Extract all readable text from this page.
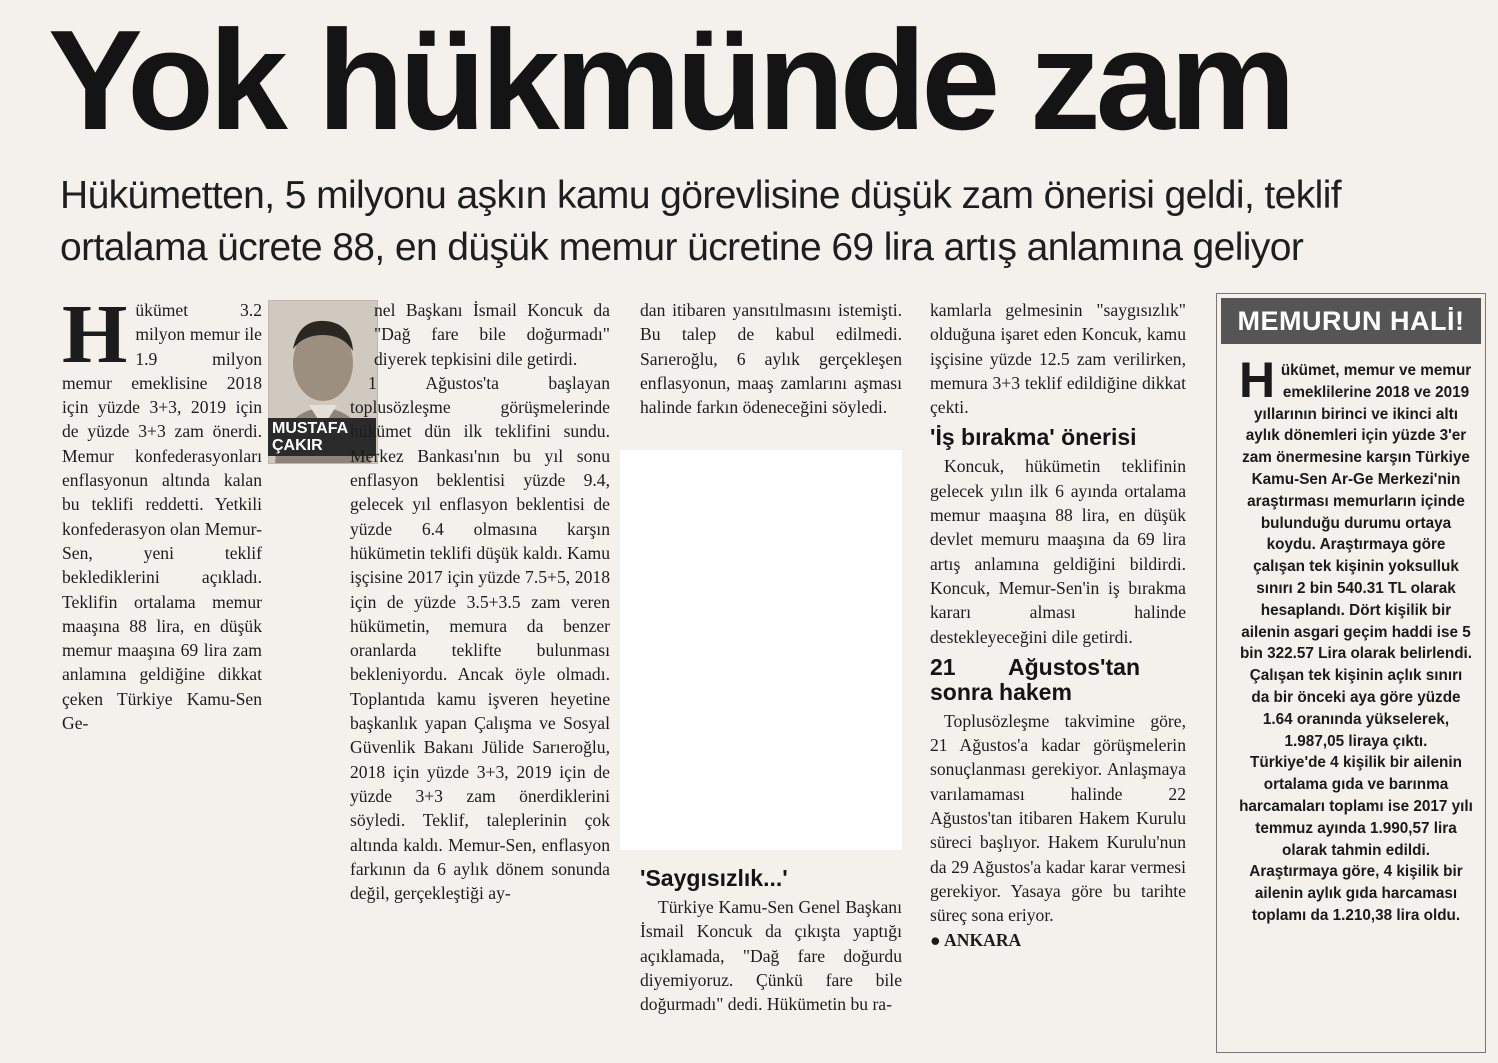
Yok hükmünde zam

Hükümetten, 5 milyonu aşkın kamu görevlisine düşük zam önerisi geldi, teklif ortalama ücrete 88, en düşük memur ücretine 69 lira artış anlamına geliyor

Hükümet 3.2 milyon memur ile 1.9 milyon memur emeklisine 2018 için yüzde 3+3, 2019 için de yüzde 3+3 zam önerdi. Memur konfederasyonları enflasyonun altında kalan bu teklifi reddetti. Yetkili konfederasyon olan Memur-Sen, yeni teklif beklediklerini açıkladı. Teklifin ortalama memur maaşına 88 lira, en düşük memur maaşına 69 lira zam anlamına geldiğine dikkat çeken Türkiye Kamu-Sen Ge-

MUSTAFA ÇAKIR

nel Başkanı İsmail Koncuk da "Dağ fare bile doğurmadı" diyerek tepkisini dile getirdi.

1 Ağustos'ta başlayan toplusözleşme görüşmelerinde hükümet dün ilk teklifini sundu. Merkez Bankası'nın bu yıl sonu enflasyon beklentisi yüzde 9.4, gelecek yıl enflasyon beklentisi de yüzde 6.4 olmasına karşın hükümetin teklifi düşük kaldı. Kamu işçisine 2017 için yüzde 7.5+5, 2018 için de yüzde 3.5+3.5 zam veren hükümetin, memura da benzer oranlarda teklifte bulunması bekleniyordu. Ancak öyle olmadı. Toplantıda kamu işveren heyetine başkanlık yapan Çalışma ve Sosyal Güvenlik Bakanı Jülide Sarıeroğlu, 2018 için yüzde 3+3, 2019 için de yüzde 3+3 zam önerdiklerini söyledi. Teklif, taleplerinin çok altında kaldı. Memur-Sen, enflasyon farkının da 6 aylık dönem sonunda değil, gerçekleştiği ay-

dan itibaren yansıtılmasını istemişti. Bu talep de kabul edilmedi. Sarıeroğlu, 6 aylık gerçekleşen enflasyonun, maaş zamlarını aşması halinde farkın ödeneceğini söyledi.

'Saygısızlık...'

Türkiye Kamu-Sen Genel Başkanı İsmail Koncuk da çıkışta yaptığı açıklamada, "Dağ fare doğurdu diyemiyoruz. Çünkü fare bile doğurmadı" dedi. Hükümetin bu ra-

kamlarla gelmesinin "saygısızlık" olduğuna işaret eden Koncuk, kamu işçisine yüzde 12.5 zam verilirken, memura 3+3 teklif edildiğine dikkat çekti.

'İş bırakma' önerisi

Koncuk, hükümetin teklifinin gelecek yılın ilk 6 ayında ortalama memur maaşına 88 lira, en düşük devlet memuru maaşına da 69 lira artış anlamına geldiğini bildirdi. Koncuk, Memur-Sen'in iş bırakma kararı alması halinde destekleyeceğini dile getirdi.

21 Ağustos'tan sonra hakem

Toplusözleşme takvimine göre, 21 Ağustos'a kadar görüşmelerin sonuçlanması gerekiyor. Anlaşmaya varılamaması halinde 22 Ağustos'tan itibaren Hakem Kurulu süreci başlıyor. Hakem Kurulu'nun da 29 Ağustos'a kadar karar vermesi gerekiyor. Yasaya göre bu tarihte süreç sona eriyor.

● ANKARA

MEMURUN HALİ!

Hükümet, memur ve memur emeklilerine 2018 ve 2019 yıllarının birinci ve ikinci altı aylık dönemleri için yüzde 3'er zam önermesine karşın Türkiye Kamu-Sen Ar-Ge Merkezi'nin araştırması memurların içinde bulunduğu durumu ortaya koydu. Araştırmaya göre çalışan tek kişinin yoksulluk sınırı 2 bin 540.31 TL olarak hesaplandı. Dört kişilik bir ailenin asgari geçim haddi ise 5 bin 322.57 Lira olarak belirlendi. Çalışan tek kişinin açlık sınırı da bir önceki aya göre yüzde 1.64 oranında yükselerek, 1.987,05 liraya çıktı.

Türkiye'de 4 kişilik bir ailenin ortalama gıda ve barınma harcamaları toplamı ise 2017 yılı temmuz ayında 1.990,57 lira olarak tahmin edildi. Araştırmaya göre, 4 kişilik bir ailenin aylık gıda harcaması toplamı da 1.210,38 lira oldu.
